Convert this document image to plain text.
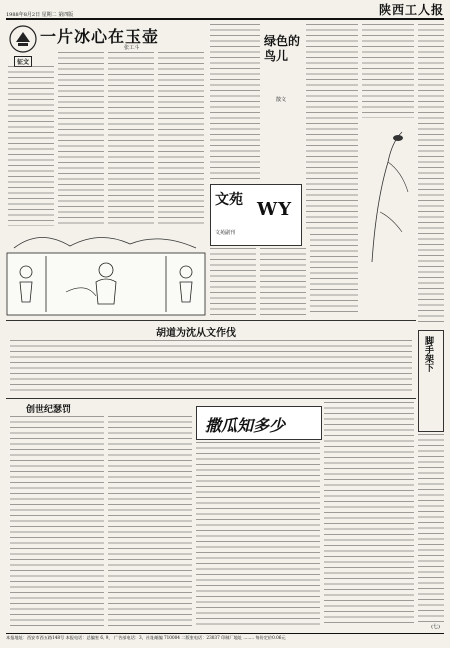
1988年8月2日 星期二 第四版	陕西工人报
一片冰心在玉壶
张工斗
征文
绿色的鸟儿
散文
文苑 WY
文苑副刊
胡道为沈从文作伐
脚手架下
创世纪瑟罚
撒瓜知多少
(七)
本报地址：西安市西五路148号 本报电话：总编室 6, 9， 广告部电话：3，社址邮编 710004 二版室电话：23037 印制厂地址 ........ 每份定价0.06元
